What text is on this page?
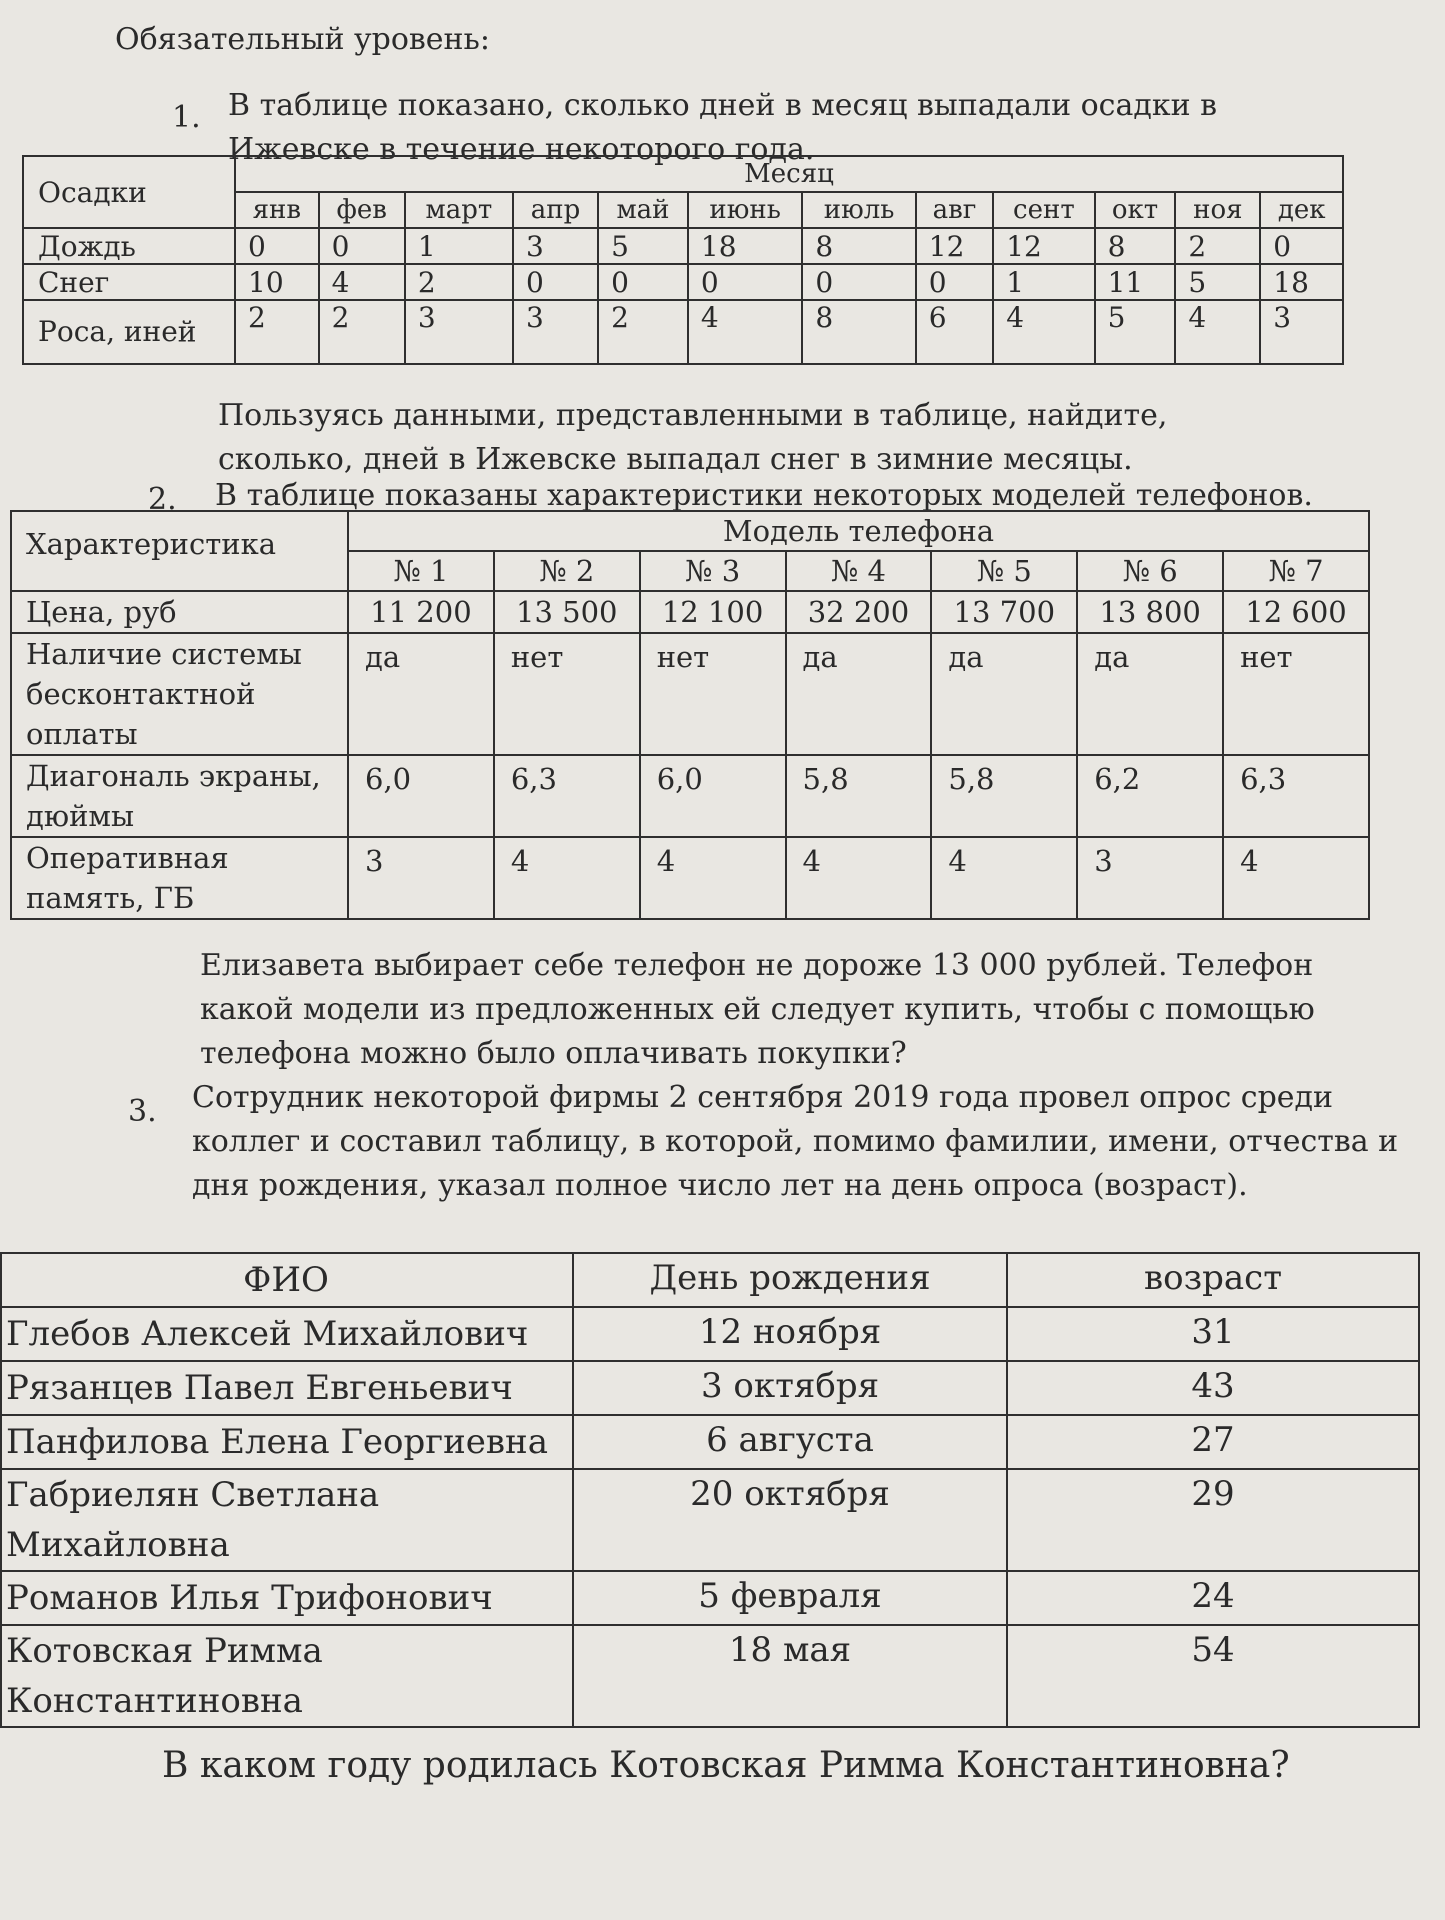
Обязательный уровень:

1. В таблице показано, сколько дней в месяц выпадали осадки в Ижевске в течение некоторого года.

Осадки	Месяц											
	янв	фев	март	апр	май	июнь	июль	авг	сент	окт	ноя	дек
Дождь	0	0	1	3	5	18	8	12	12	8	2	0
Снег	10	4	2	0	0	0	0	0	1	11	5	18
Роса, иней	2	2	3	3	2	4	8	6	4	5	4	3

Пользуясь данными, представленными в таблице, найдите, сколько, дней в Ижевске выпадал снег в зимние месяцы.

2. В таблице показаны характеристики некоторых моделей телефонов.

Характеристика	Модель телефона						
	№ 1	№ 2	№ 3	№ 4	№ 5	№ 6	№ 7
Цена, руб	11 200	13 500	12 100	32 200	13 700	13 800	12 600
Наличие системы бесконтактной оплаты	да	нет	нет	да	да	да	нет
Диагональ экраны, дюймы	6,0	6,3	6,0	5,8	5,8	6,2	6,3
Оперативная память, ГБ	3	4	4	4	4	3	4

Елизавета выбирает себе телефон не дороже 13 000 рублей. Телефон какой модели из предложенных ей следует купить, чтобы с помощью телефона можно было оплачивать покупки?

3. Сотрудник некоторой фирмы 2 сентября 2019 года провел опрос среди коллег и составил таблицу, в которой, помимо фамилии, имени, отчества и дня рождения, указал полное число лет на день опроса (возраст).

ФИО	День рождения	возраст
Глебов Алексей Михайлович	12 ноября	31
Рязанцев Павел Евгеньевич	3 октября	43
Панфилова Елена Георгиевна	6 августа	27
Габриелян Светлана Михайловна	20 октября	29
Романов Илья Трифонович	5 февраля	24
Котовская Римма Константиновна	18 мая	54

В каком году родилась Котовская Римма Константиновна?
